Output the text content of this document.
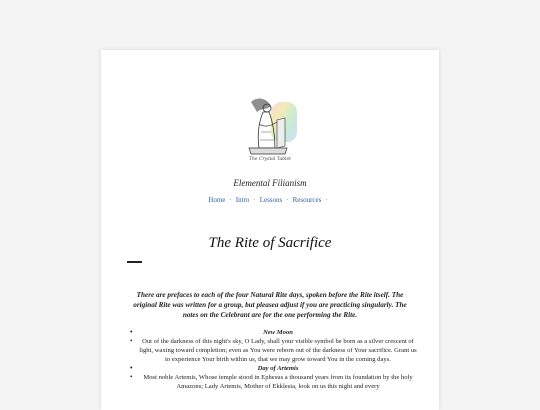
The Crystal Tablet
Elemental Filianism
Home · Intro · Lessons · Resources ·
The Rite of Sacrifice
There are prefaces to each of the four Natural Rite days, spoken before the Rite itself. The original Rite was written for a group, but pleasea adjust if you are practicing singularly. The notes on the Celebrant are for the one performing the Rite.
• New Moon
• Out of the darkness of this night's sky, O Lady, shall your visible symbol be born as a silver crescent of light, waxing toward completion; even as You were reborn out of the darkness of Your sacrifice. Grant us to experience Your birth within us, that we may grow toward You in the coming days.
• Day of Artemis
• Most noble Artemis, Whose temple stood in Ephesus a thousand years from its foundation by the holy Amazons; Lady Artemis, Mother of Ekklesia, look on us this night and every
